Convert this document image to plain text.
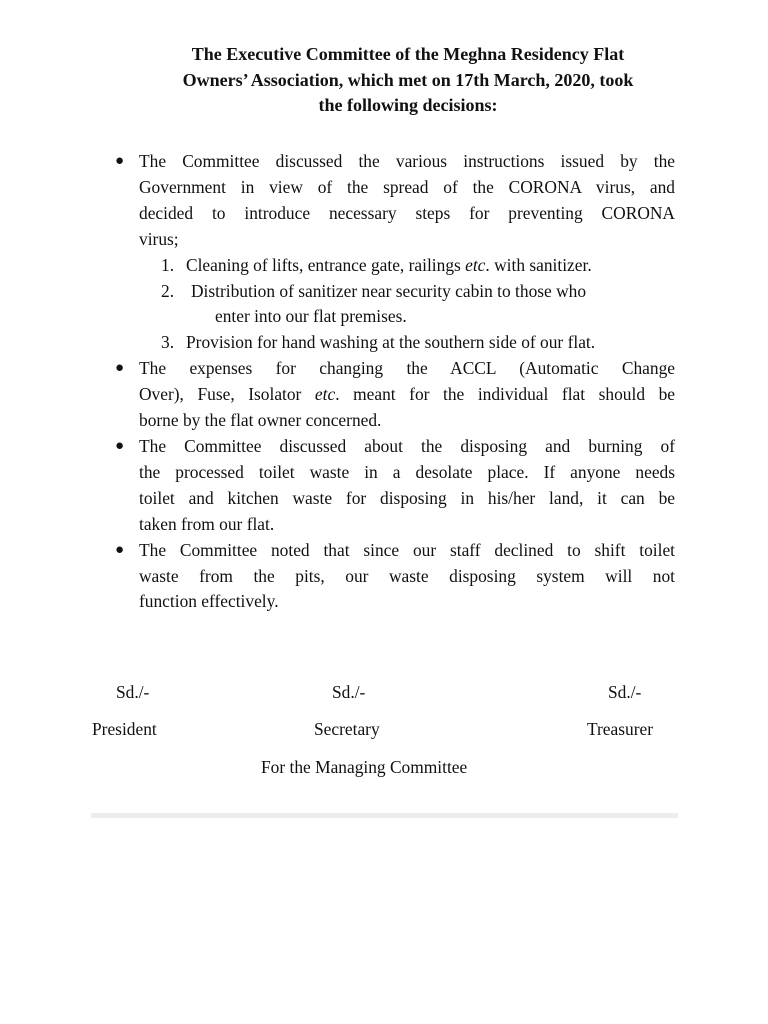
The Executive Committee of the Meghna Residency Flat
Owners’ Association, which met on 17th March, 2020, took
the following decisions:
● The Committee discussed the various instructions issued by the
Government in view of the spread of the CORONA virus, and
decided to introduce necessary steps for preventing CORONA
virus;
1. Cleaning of lifts, entrance gate, railings etc. with sanitizer.
2. Distribution of sanitizer near security cabin to those who
enter into our flat premises.
3. Provision for hand washing at the southern side of our flat.
● The expenses for changing the ACCL (Automatic Change
Over), Fuse, Isolator etc. meant for the individual flat should be
borne by the flat owner concerned.
● The Committee discussed about the disposing and burning of
the processed toilet waste in a desolate place. If anyone needs
toilet and kitchen waste for disposing in his/her land, it can be
taken from our flat.
● The Committee noted that since our staff declined to shift toilet
waste from the pits, our waste disposing system will not
function effectively.
Sd./-	Sd./-	Sd./-
President	Secretary	Treasurer
For the Managing Committee
